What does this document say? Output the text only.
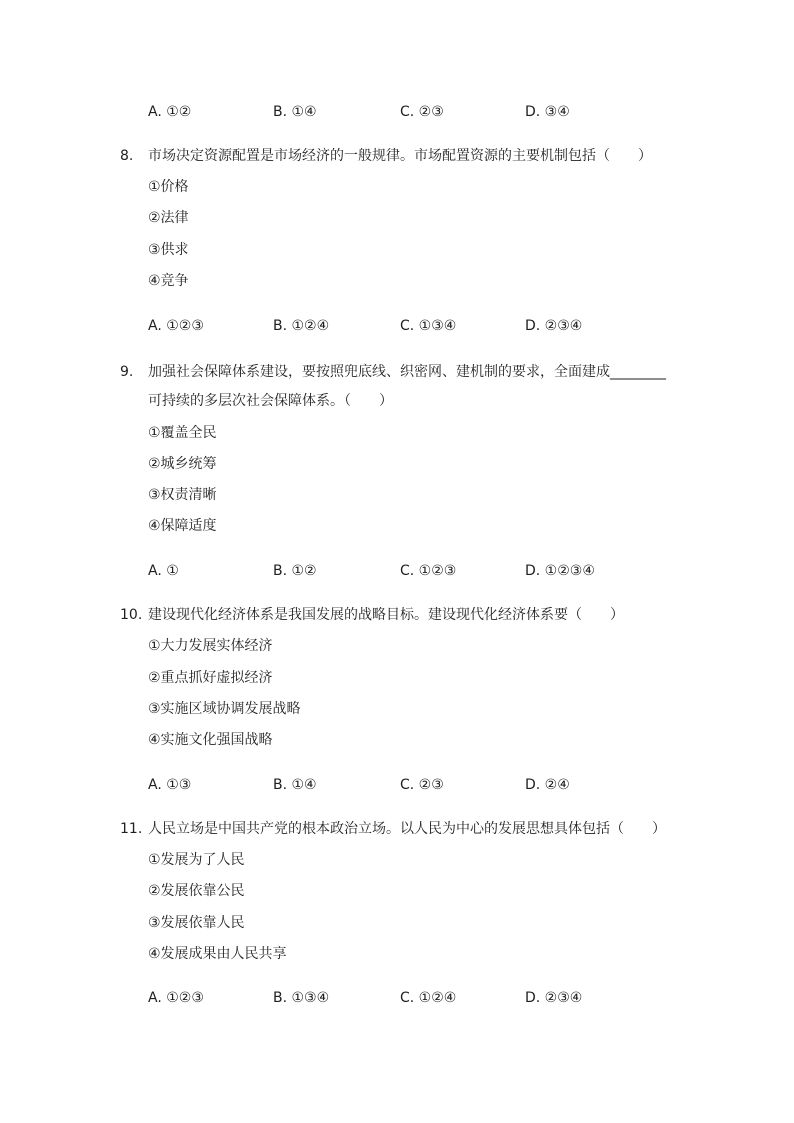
A. ①②	B. ①④	C. ②③	D. ③④
8. 市场决定资源配置是市场经济的一般规律。市场配置资源的主要机制包括（　　）
①价格
②法律
③供求
④竞争
A. ①②③	B. ①②④	C. ①③④	D. ②③④
9. 加强社会保障体系建设，要按照兜底线、织密网、建机制的要求，全面建成________
可持续的多层次社会保障体系。（　　）
①覆盖全民
②城乡统筹
③权责清晰
④保障适度
A. ①	B. ①②	C. ①②③	D. ①②③④
10. 建设现代化经济体系是我国发展的战略目标。建设现代化经济体系要（　　）
①大力发展实体经济
②重点抓好虚拟经济
③实施区域协调发展战略
④实施文化强国战略
A. ①③	B. ①④	C. ②③	D. ②④
11. 人民立场是中国共产党的根本政治立场。以人民为中心的发展思想具体包括（　　）
①发展为了人民
②发展依靠公民
③发展依靠人民
④发展成果由人民共享
A. ①②③	B. ①③④	C. ①②④	D. ②③④
